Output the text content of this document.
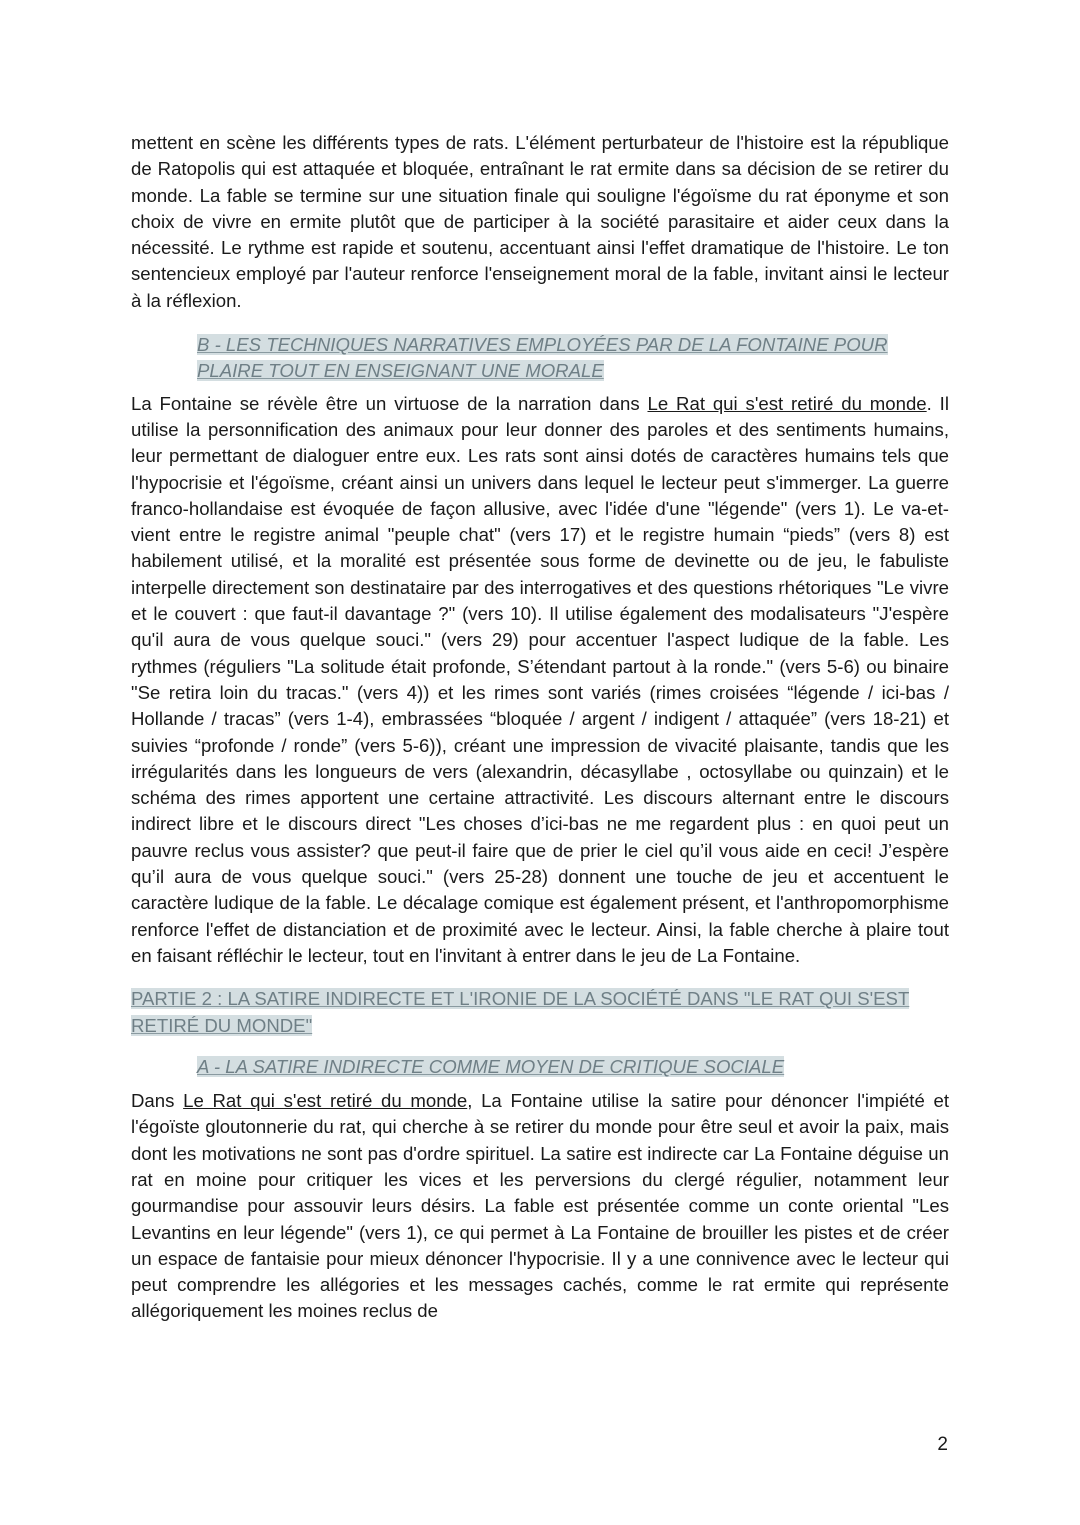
mettent en scène les différents types de rats. L'élément perturbateur de l'histoire est la république de Ratopolis qui est attaquée et bloquée, entraînant le rat ermite dans sa décision de se retirer du monde. La fable se termine sur une situation finale qui souligne l'égoïsme du rat éponyme et son choix de vivre en ermite plutôt que de participer à la société parasitaire et aider ceux dans la nécessité. Le rythme est rapide et soutenu, accentuant ainsi l'effet dramatique de l'histoire. Le ton sentencieux employé par l'auteur renforce l'enseignement moral de la fable, invitant ainsi le lecteur à la réflexion.

B - LES TECHNIQUES NARRATIVES EMPLOYÉES PAR DE LA FONTAINE POUR PLAIRE TOUT EN ENSEIGNANT UNE MORALE

La Fontaine se révèle être un virtuose de la narration dans Le Rat qui s'est retiré du monde. Il utilise la personnification des animaux pour leur donner des paroles et des sentiments humains, leur permettant de dialoguer entre eux. Les rats sont ainsi dotés de caractères humains tels que l'hypocrisie et l'égoïsme, créant ainsi un univers dans lequel le lecteur peut s'immerger. La guerre franco-hollandaise est évoquée de façon allusive, avec l'idée d'une "légende" (vers 1). Le va-et-vient entre le registre animal "peuple chat" (vers 17) et le registre humain “pieds” (vers 8) est habilement utilisé, et la moralité est présentée sous forme de devinette ou de jeu, le fabuliste interpelle directement son destinataire par des interrogatives et des questions rhétoriques "Le vivre et le couvert : que faut-il davantage ?" (vers 10). Il utilise également des modalisateurs "J'espère qu'il aura de vous quelque souci." (vers 29) pour accentuer l'aspect ludique de la fable. Les rythmes (réguliers "La solitude était profonde, S’étendant partout à la ronde." (vers 5-6) ou binaire "Se retira loin du tracas." (vers 4)) et les rimes sont variés (rimes croisées “légende / ici-bas / Hollande / tracas” (vers 1-4), embrassées “bloquée / argent / indigent / attaquée” (vers 18-21) et suivies “profonde / ronde” (vers 5-6)), créant une impression de vivacité plaisante, tandis que les irrégularités dans les longueurs de vers (alexandrin, décasyllabe , octosyllabe ou quinzain) et le schéma des rimes apportent une certaine attractivité. Les discours alternant entre le discours indirect libre et le discours direct "Les choses d’ici-bas ne me regardent plus : en quoi peut un pauvre reclus vous assister? que peut-il faire que de prier le ciel qu’il vous aide en ceci! J’espère qu’il aura de vous quelque souci." (vers 25-28) donnent une touche de jeu et accentuent le caractère ludique de la fable. Le décalage comique est également présent, et l'anthropomorphisme renforce l'effet de distanciation et de proximité avec le lecteur. Ainsi, la fable cherche à plaire tout en faisant réfléchir le lecteur, tout en l'invitant à entrer dans le jeu de La Fontaine.

PARTIE 2 : LA SATIRE INDIRECTE ET L'IRONIE DE LA SOCIÉTÉ DANS "LE RAT QUI S'EST RETIRÉ DU MONDE"

A - LA SATIRE INDIRECTE COMME MOYEN DE CRITIQUE SOCIALE

Dans Le Rat qui s'est retiré du monde, La Fontaine utilise la satire pour dénoncer l'impiété et l'égoïste gloutonnerie du rat, qui cherche à se retirer du monde pour être seul et avoir la paix, mais dont les motivations ne sont pas d'ordre spirituel. La satire est indirecte car La Fontaine déguise un rat en moine pour critiquer les vices et les perversions du clergé régulier, notamment leur gourmandise pour assouvir leurs désirs. La fable est présentée comme un conte oriental "Les Levantins en leur légende" (vers 1), ce qui permet à La Fontaine de brouiller les pistes et de créer un espace de fantaisie pour mieux dénoncer l'hypocrisie. Il y a une connivence avec le lecteur qui peut comprendre les allégories et les messages cachés, comme le rat ermite qui représente allégoriquement les moines reclus de

2
